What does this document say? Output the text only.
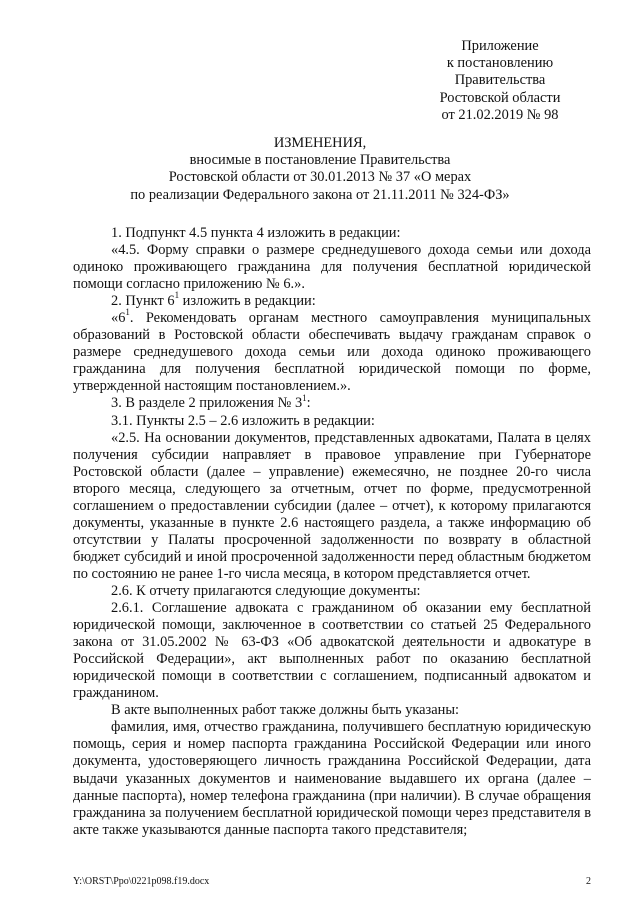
Приложение
к постановлению
Правительства
Ростовской области
от 21.02.2019 № 98
ИЗМЕНЕНИЯ,
вносимые в постановление Правительства
Ростовской области от 30.01.2013 № 37 «О мерах
по реализации Федерального закона от 21.11.2011 № 324-ФЗ»

1. Подпункт 4.5 пункта 4 изложить в редакции:

«4.5. Форму справки о размере среднедушевого дохода семьи или дохода одиноко проживающего гражданина для получения бесплатной юридической помощи согласно приложению № 6.».

2. Пункт $6^1$ изложить в редакции:

«$6^1$. Рекомендовать органам местного самоуправления муниципальных образований в Ростовской области обеспечивать выдачу гражданам справок о размере среднедушевого дохода семьи или дохода одиноко проживающего гражданина для получения бесплатной юридической помощи по форме, утвержденной настоящим постановлением.».

3. В разделе 2 приложения № $3^1$:

3.1. Пункты 2.5 – 2.6 изложить в редакции:

«2.5. На основании документов, представленных адвокатами, Палата в целях получения субсидии направляет в правовое управление при Губернаторе Ростовской области (далее – управление) ежемесячно, не позднее 20-го числа второго месяца, следующего за отчетным, отчет по форме, предусмотренной соглашением о предоставлении субсидии (далее – отчет), к которому прилагаются документы, указанные в пункте 2.6 настоящего раздела, а также информацию об отсутствии у Палаты просроченной задолженности по возврату в областной бюджет субсидий и иной просроченной задолженности перед областным бюджетом по состоянию не ранее 1-го числа месяца, в котором представляется отчет.

2.6. К отчету прилагаются следующие документы:

2.6.1. Соглашение адвоката с гражданином об оказании ему бесплатной юридической помощи, заключенное в соответствии со статьей 25 Федерального закона от 31.05.2002 № 63-ФЗ «Об адвокатской деятельности и адвокатуре в Российской Федерации», акт выполненных работ по оказанию бесплатной юридической помощи в соответствии с соглашением, подписанный адвокатом и гражданином.

В акте выполненных работ также должны быть указаны:

фамилия, имя, отчество гражданина, получившего бесплатную юридическую помощь, серия и номер паспорта гражданина Российской Федерации или иного документа, удостоверяющего личность гражданина Российской Федерации, дата выдачи указанных документов и наименование выдавшего их органа (далее – данные паспорта), номер телефона гражданина (при наличии). В случае обращения гражданина за получением бесплатной юридической помощи через представителя в акте также указываются данные паспорта такого представителя;

Y:\ORST\Ppo\0221p098.f19.docx	2
